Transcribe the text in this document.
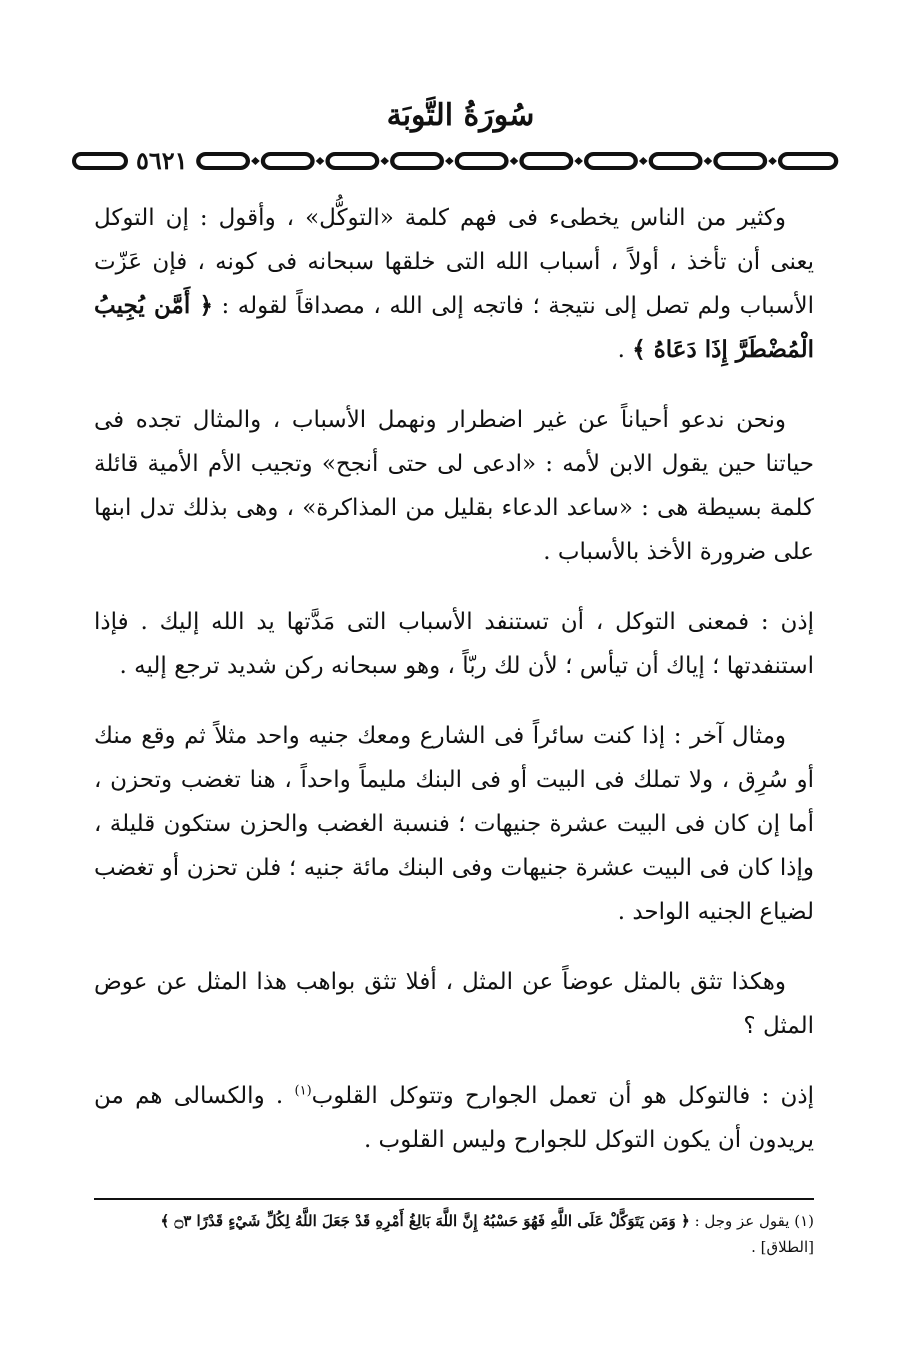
سُورَةُ التَّوبَة
٥٦٢١

وكثير من الناس يخطىء فى فهم كلمة «التوكُّل» ، وأقول : إن التوكل يعنى أن تأخذ ، أولاً ، أسباب الله التى خلقها سبحانه فى كونه ، فإن عَزّت الأسباب ولم تصل إلى نتيجة ؛ فاتجه إلى الله ، مصداقاً لقوله : ﴿ أَمَّن يُجِيبُ الْمُضْطَرَّ إِذَا دَعَاهُ ﴾ .

ونحن ندعو أحياناً عن غير اضطرار ونهمل الأسباب ، والمثال تجده فى حياتنا حين يقول الابن لأمه : «ادعى لى حتى أنجح» وتجيب الأم الأمية قائلة كلمة بسيطة هى : «ساعد الدعاء بقليل من المذاكرة» ، وهى بذلك تدل ابنها على ضرورة الأخذ بالأسباب .

إذن : فمعنى التوكل ، أن تستنفد الأسباب التى مَدَّتها يد الله إليك . فإذا استنفدتها ؛ إياك أن تيأس ؛ لأن لك ربّاً ، وهو سبحانه ركن شديد ترجع إليه .

ومثال آخر : إذا كنت سائراً فى الشارع ومعك جنيه واحد مثلاً ثم وقع منك أو سُرِق ، ولا تملك فى البيت أو فى البنك مليماً واحداً ، هنا تغضب وتحزن ، أما إن كان فى البيت عشرة جنيهات ؛ فنسبة الغضب والحزن ستكون قليلة ، وإذا كان فى البيت عشرة جنيهات وفى البنك مائة جنيه ؛ فلن تحزن أو تغضب لضياع الجنيه الواحد .

وهكذا تثق بالمثل عوضاً عن المثل ، أفلا تثق بواهب هذا المثل عن عوض المثل ؟

إذن : فالتوكل هو أن تعمل الجوارح وتتوكل القلوب$^{(١)}$ . والكسالى هم من يريدون أن يكون التوكل للجوارح وليس القلوب .

(١) يقول عز وجل : ﴿ وَمَن يَتَوَكَّلْ عَلَى اللَّهِ فَهُوَ حَسْبُهُ إِنَّ اللَّهَ بَالِغُ أَمْرِهِ قَدْ جَعَلَ اللَّهُ لِكُلِّ شَيْءٍ قَدْرًا ۝٣ ﴾
[الطلاق] .
